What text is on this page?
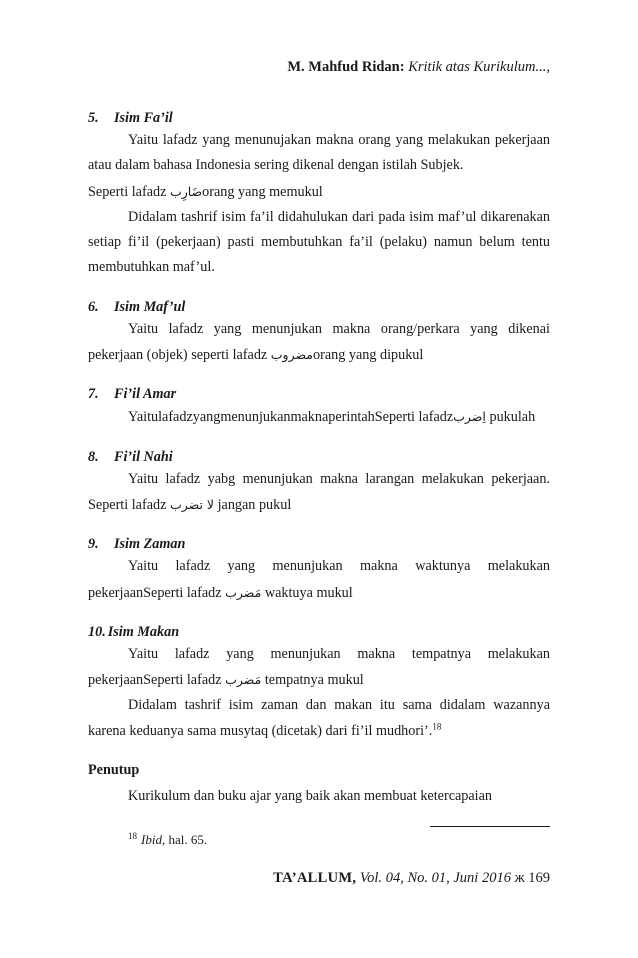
M. Mahfud Ridan: Kritik atas Kurikulum...,

5. Isim Fa’il

Yaitu lafadz yang menunujakan makna orang yang melakukan pekerjaan atau dalam bahasa Indonesia sering dikenal dengan istilah Subjek.

Seperti lafadz ضَارِبorang yang memukul

Didalam tashrif isim fa’il didahulukan dari pada isim maf’ul dikarenakan setiap fi’il (pekerjaan) pasti membutuhkan fa’il (pelaku) namun belum tentu membutuhkan maf’ul.

6. Isim Maf’ul

Yaitu lafadz yang menunjukan makna orang/perkara yang dikenai pekerjaan (objek) seperti lafadz مضروبorang yang dipukul

7. Fi’il Amar

YaitulafadzyangmenunjukanmaknaperintahSeperti lafadzاِضرب pukulah

8. Fi’il Nahi

Yaitu lafadz yabg menunjukan makna larangan melakukan pekerjaan. Seperti lafadz لا تضرب jangan pukul

9. Isim Zaman

Yaitu lafadz yang menunjukan makna waktunya melakukan pekerjaanSeperti lafadz مَضرب waktuya mukul

10. Isim Makan

Yaitu lafadz yang menunjukan makna tempatnya melakukan pekerjaanSeperti lafadz مَضرب tempatnya mukul

Didalam tashrif isim zaman dan makan itu sama didalam wazannya karena keduanya sama musytaq (dicetak) dari fi’il mudhori’.$^{18}$

Penutup

Kurikulum dan buku ajar yang baik akan membuat ketercapaian

$^{18}$ Ibid, hal. 65.
TA’ALLUM, Vol. 04, No. 01, Juni 2016 ж 169
